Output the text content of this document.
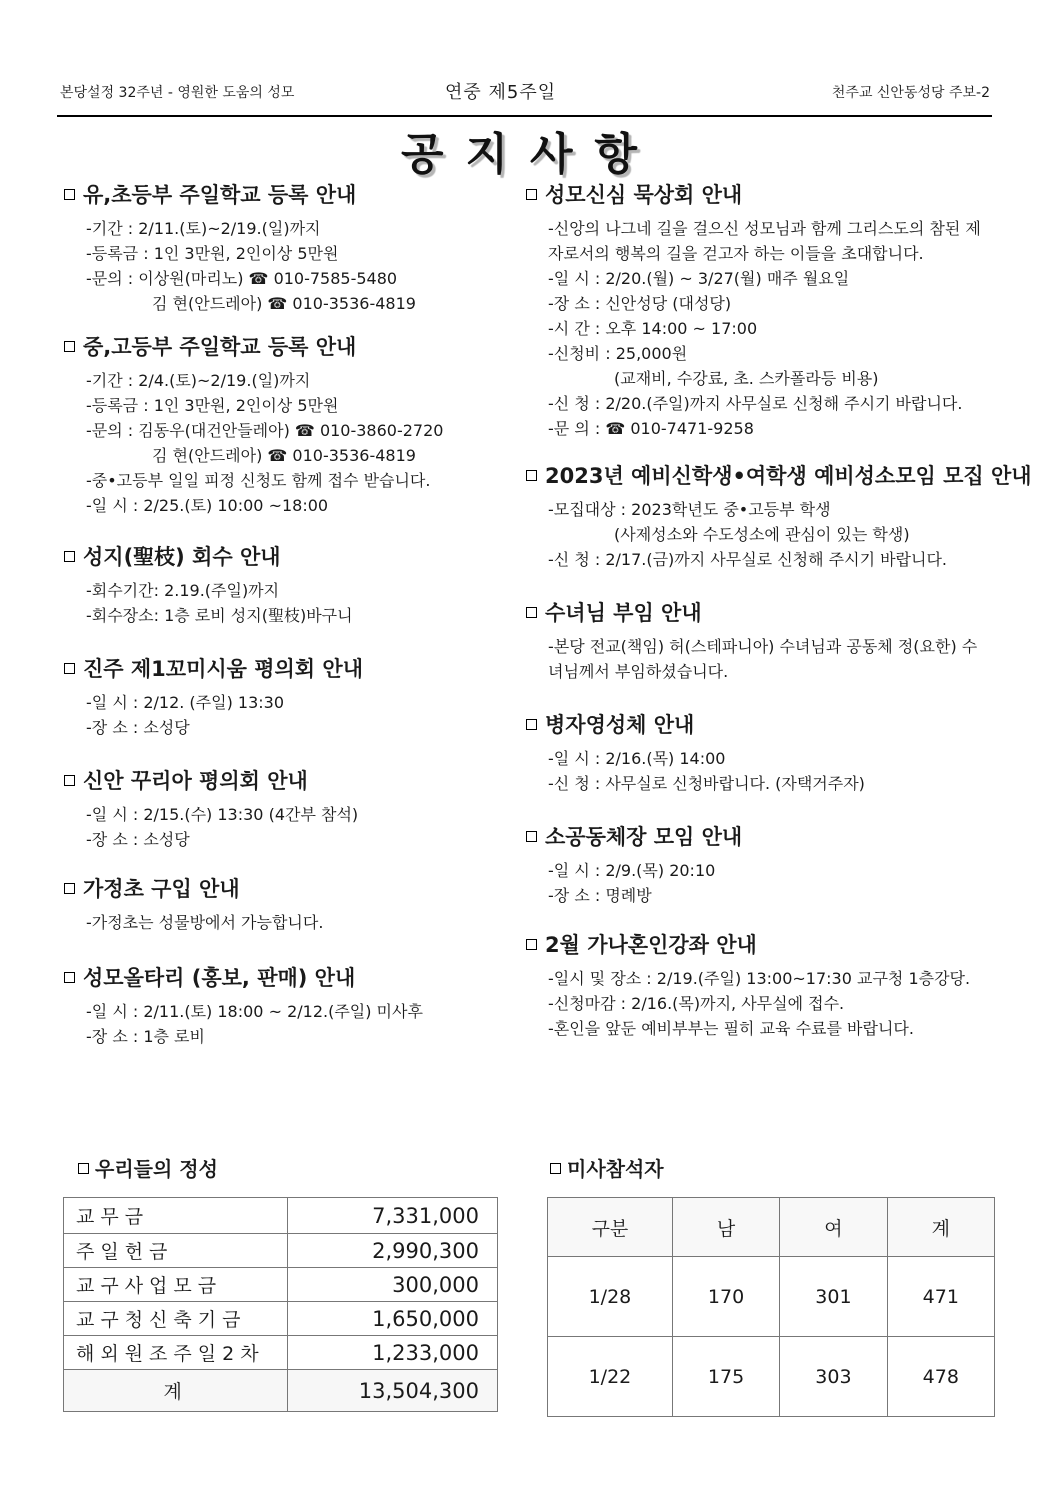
본당설정 32주년 - 영원한 도움의 성모	연중 제5주일	천주교 신안동성당 주보-2
공지사항
유,초등부 주일학교 등록 안내
-기간 : 2/11.(토)~2/19.(일)까지
-등록금 : 1인 3만원, 2인이상 5만원
-문의 : 이상원(마리노) ☎ 010-7585-5480
김 현(안드레아) ☎ 010-3536-4819
중,고등부 주일학교 등록 안내
-기간 : 2/4.(토)~2/19.(일)까지
-등록금 : 1인 3만원, 2인이상 5만원
-문의 : 김동우(대건안들레아) ☎ 010-3860-2720
김 현(안드레아) ☎ 010-3536-4819
-중•고등부 일일 피정 신청도 함께 접수 받습니다.
-일 시 : 2/25.(토) 10:00 ~18:00
성지(聖枝) 회수 안내
-회수기간: 2.19.(주일)까지
-회수장소: 1층 로비 성지(聖枝)바구니
진주 제1꼬미시움 평의회 안내
-일 시 : 2/12. (주일) 13:30
-장 소 : 소성당
신안 꾸리아 평의회 안내
-일 시 : 2/15.(수) 13:30 (4간부 참석)
-장 소 : 소성당
가정초 구입 안내
-가정초는 성물방에서 가능합니다.
성모올타리 (홍보, 판매) 안내
-일 시 : 2/11.(토) 18:00 ~ 2/12.(주일) 미사후
-장 소 : 1층 로비
성모신심 묵상회 안내
-신앙의 나그네 길을 걸으신 성모님과 함께 그리스도의 참된 제자로서의 행복의 길을 걷고자 하는 이들을 초대합니다.
-일 시 : 2/20.(월) ~ 3/27(월) 매주 월요일
-장 소 : 신안성당 (대성당)
-시 간 : 오후 14:00 ~ 17:00
-신청비 : 25,000원
(교재비, 수강료, 초. 스카폴라등 비용)
-신 청 : 2/20.(주일)까지 사무실로 신청해 주시기 바랍니다.
-문 의 : ☎ 010-7471-9258
2023년 예비신학생•여학생 예비성소모임 모집 안내
-모집대상 : 2023학년도 중•고등부 학생
(사제성소와 수도성소에 관심이 있는 학생)
-신 청 : 2/17.(금)까지 사무실로 신청해 주시기 바랍니다.
수녀님 부임 안내
-본당 전교(책임) 허(스테파니아) 수녀님과 공동체 정(요한) 수녀님께서 부임하셨습니다.
병자영성체 안내
-일 시 : 2/16.(목) 14:00
-신 청 : 사무실로 신청바랍니다. (자택거주자)
소공동체장 모임 안내
-일 시 : 2/9.(목) 20:10
-장 소 : 명례방
2월 가나혼인강좌 안내
-일시 및 장소 : 2/19.(주일) 13:00~17:30 교구청 1층강당.
-신청마감 : 2/16.(목)까지, 사무실에 접수.
-혼인을 앞둔 예비부부는 필히 교육 수료를 바랍니다.
우리들의 정성
교무금	7,331,000
주일헌금	2,990,300
교구사업모금	300,000
교구청신축기금	1,650,000
해외원조주일2차	1,233,000
계	13,504,300
미사참석자
구분	남	여	계
1/28	170	301	471
1/22	175	303	478
